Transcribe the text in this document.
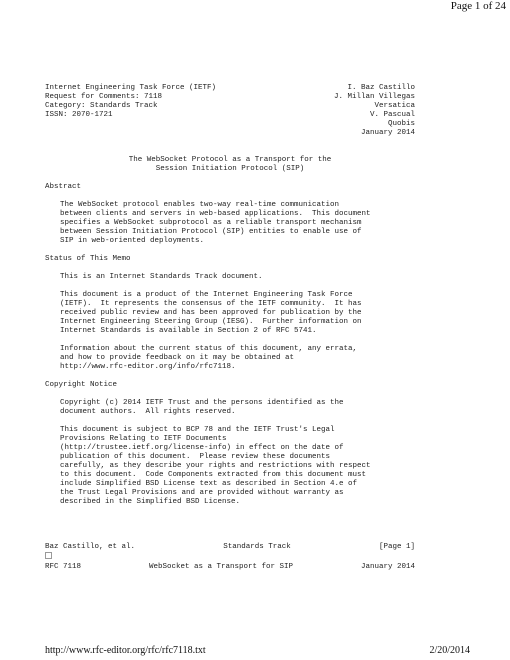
Page 1 of 24
Internet Engineering Task Force (IETF)	I. Baz Castillo
Request for Comments: 7118	J. Millan Villegas
Category: Standards Track	Versatica
ISSN: 2070-1721	V. Pascual
Quobis
January 2014
The WebSocket Protocol as a Transport for the
Session Initiation Protocol (SIP)
Abstract
The WebSocket protocol enables two-way real-time communication
between clients and servers in web-based applications.  This document
specifies a WebSocket subprotocol as a reliable transport mechanism
between Session Initiation Protocol (SIP) entities to enable use of
SIP in web-oriented deployments.
Status of This Memo
This is an Internet Standards Track document.
This document is a product of the Internet Engineering Task Force
(IETF).  It represents the consensus of the IETF community.  It has
received public review and has been approved for publication by the
Internet Engineering Steering Group (IESG).  Further information on
Internet Standards is available in Section 2 of RFC 5741.
Information about the current status of this document, any errata,
and how to provide feedback on it may be obtained at
http://www.rfc-editor.org/info/rfc7118.
Copyright Notice
Copyright (c) 2014 IETF Trust and the persons identified as the
document authors.  All rights reserved.
This document is subject to BCP 78 and the IETF Trust's Legal
Provisions Relating to IETF Documents
(http://trustee.ietf.org/license-info) in effect on the date of
publication of this document.  Please review these documents
carefully, as they describe your rights and restrictions with respect
to this document.  Code Components extracted from this document must
include Simplified BSD License text as described in Section 4.e of
the Trust Legal Provisions and are provided without warranty as
described in the Simplified BSD License.
Baz Castillo, et al.	Standards Track	[Page 1]
RFC 7118	WebSocket as a Transport for SIP	January 2014
http://www.rfc-editor.org/rfc/rfc7118.txt	2/20/2014
